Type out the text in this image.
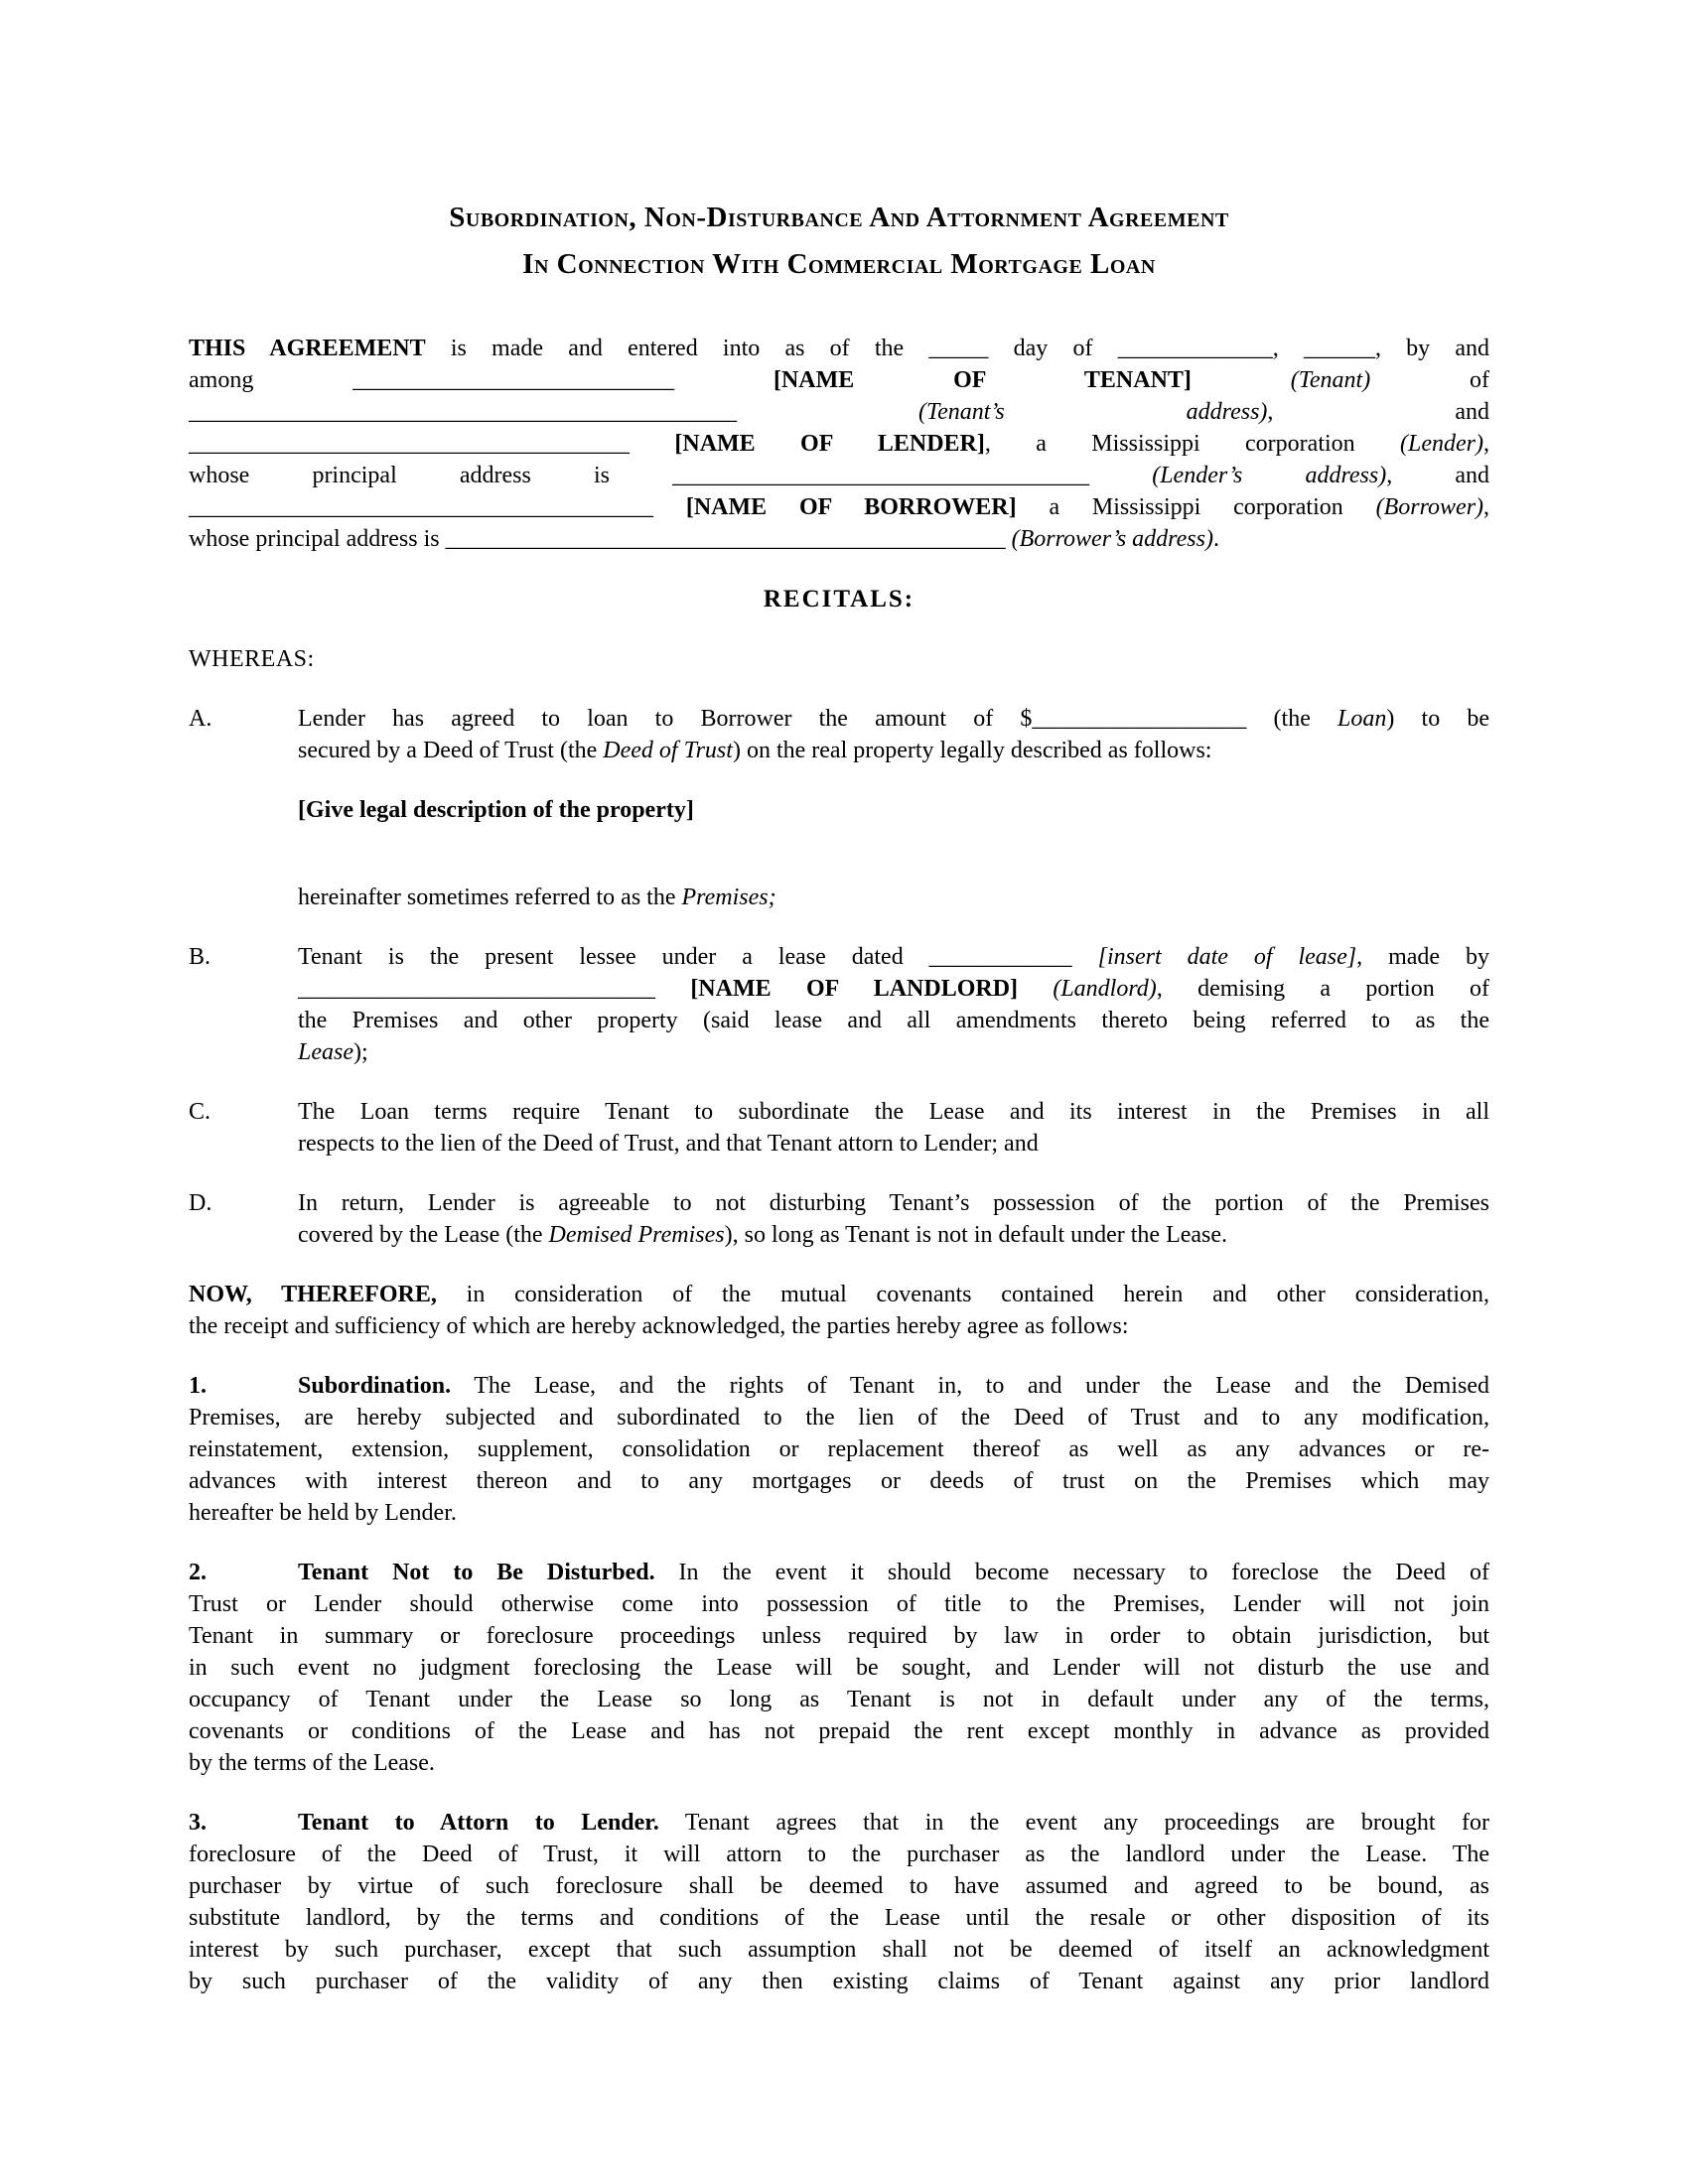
Subordination, Non-Disturbance And Attornment Agreement
In Connection With Commercial Mortgage Loan
THIS AGREEMENT is made and entered into as of the _____ day of _____________, ______, by and
among ___________________________	[NAME OF TENANT]	(Tenant) of
______________________________________________	(Tenant’s address), and
_____________________________________ [NAME OF LENDER], a Mississippi corporation (Lender),
whose principal address is ___________________________________	(Lender’s address), and
_______________________________________ [NAME OF BORROWER] a Mississippi corporation (Borrower),
whose principal address is _______________________________________________ (Borrower’s address).
RECITALS:
WHEREAS:
A.	Lender has agreed to loan to Borrower the amount of $__________________ (the Loan) to be
secured by a Deed of Trust (the Deed of Trust) on the real property legally described as follows:
[Give legal description of the property]
hereinafter sometimes referred to as the Premises;
B.	Tenant is the present lessee under a lease dated ____________ [insert date of lease], made by
______________________________ [NAME OF LANDLORD] (Landlord), demising a portion of
the Premises and other property (said lease and all amendments thereto being referred to as the
Lease);
C.	The Loan terms require Tenant to subordinate the Lease and its interest in the Premises in all
respects to the lien of the Deed of Trust, and that Tenant attorn to Lender; and
D.	In return, Lender is agreeable to not disturbing Tenant’s possession of the portion of the Premises
covered by the Lease (the Demised Premises), so long as Tenant is not in default under the Lease.
NOW, THEREFORE, in consideration of the mutual covenants contained herein and other consideration,
the receipt and sufficiency of which are hereby acknowledged, the parties hereby agree as follows:
1.	Subordination. The Lease, and the rights of Tenant in, to and under the Lease and the Demised
Premises, are hereby subjected and subordinated to the lien of the Deed of Trust and to any modification,
reinstatement, extension, supplement, consolidation or replacement thereof as well as any advances or re-
advances with interest thereon and to any mortgages or deeds of trust on the Premises which may
hereafter be held by Lender.
2.	Tenant Not to Be Disturbed. In the event it should become necessary to foreclose the Deed of
Trust or Lender should otherwise come into possession of title to the Premises, Lender will not join
Tenant in summary or foreclosure proceedings unless required by law in order to obtain jurisdiction, but
in such event no judgment foreclosing the Lease will be sought, and Lender will not disturb the use and
occupancy of Tenant under the Lease so long as Tenant is not in default under any of the terms,
covenants or conditions of the Lease and has not prepaid the rent except monthly in advance as provided
by the terms of the Lease.
3.	Tenant to Attorn to Lender. Tenant agrees that in the event any proceedings are brought for
foreclosure of the Deed of Trust, it will attorn to the purchaser as the landlord under the Lease. The
purchaser by virtue of such foreclosure shall be deemed to have assumed and agreed to be bound, as
substitute landlord, by the terms and conditions of the Lease until the resale or other disposition of its
interest by such purchaser, except that such assumption shall not be deemed of itself an acknowledgment
by such purchaser of the validity of any then existing claims of Tenant against any prior landlord
